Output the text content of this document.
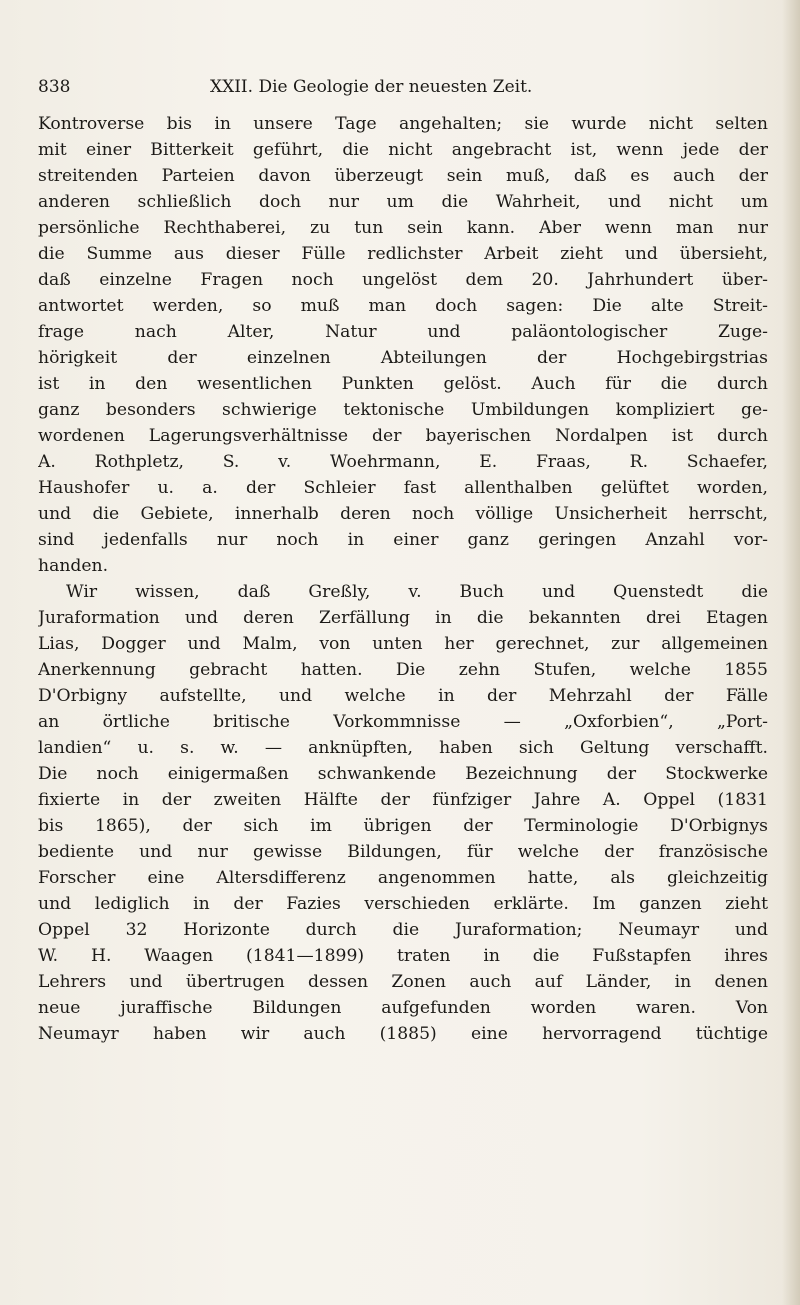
838	XXII. Die Geologie der neuesten Zeit.
Kontroverse bis in unsere Tage angehalten; sie wurde nicht selten
mit einer Bitterkeit geführt, die nicht angebracht ist, wenn jede der
streitenden Parteien davon überzeugt sein muß, daß es auch der
anderen schließlich doch nur um die Wahrheit, und nicht um
persönliche Rechthaberei, zu tun sein kann. Aber wenn man nur
die Summe aus dieser Fülle redlichster Arbeit zieht und übersieht,
daß einzelne Fragen noch ungelöst dem 20. Jahrhundert über-
antwortet werden, so muß man doch sagen: Die alte Streit-
frage nach Alter, Natur und paläontologischer Zuge-
hörigkeit der einzelnen Abteilungen der Hochgebirgstrias
ist in den wesentlichen Punkten gelöst. Auch für die durch
ganz besonders schwierige tektonische Umbildungen kompliziert ge-
wordenen Lagerungsverhältnisse der bayerischen Nordalpen ist durch
A. Rothpletz, S. v. Woehrmann, E. Fraas, R. Schaefer,
Haushofer u. a. der Schleier fast allenthalben gelüftet worden,
und die Gebiete, innerhalb deren noch völlige Unsicherheit herrscht,
sind jedenfalls nur noch in einer ganz geringen Anzahl vor-
handen.
Wir wissen, daß Greßly, v. Buch und Quenstedt die
Juraformation und deren Zerfällung in die bekannten drei Etagen
Lias, Dogger und Malm, von unten her gerechnet, zur allgemeinen
Anerkennung gebracht hatten. Die zehn Stufen, welche 1855
D'Orbigny aufstellte, und welche in der Mehrzahl der Fälle
an örtliche britische Vorkommnisse — „Oxforbien“, „Port-
landien“ u. s. w. — anknüpften, haben sich Geltung verschafft.
Die noch einigermaßen schwankende Bezeichnung der Stockwerke
fixierte in der zweiten Hälfte der fünfziger Jahre A. Oppel (1831
bis 1865), der sich im übrigen der Terminologie D'Orbignys
bediente und nur gewisse Bildungen, für welche der französische
Forscher eine Altersdifferenz angenommen hatte, als gleichzeitig
und lediglich in der Fazies verschieden erklärte. Im ganzen zieht
Oppel 32 Horizonte durch die Juraformation; Neumayr und
W. H. Waagen (1841—1899) traten in die Fußstapfen ihres
Lehrers und übertrugen dessen Zonen auch auf Länder, in denen
neue juraffische Bildungen aufgefunden worden waren. Von
Neumayr haben wir auch (1885) eine hervorragend tüchtige
